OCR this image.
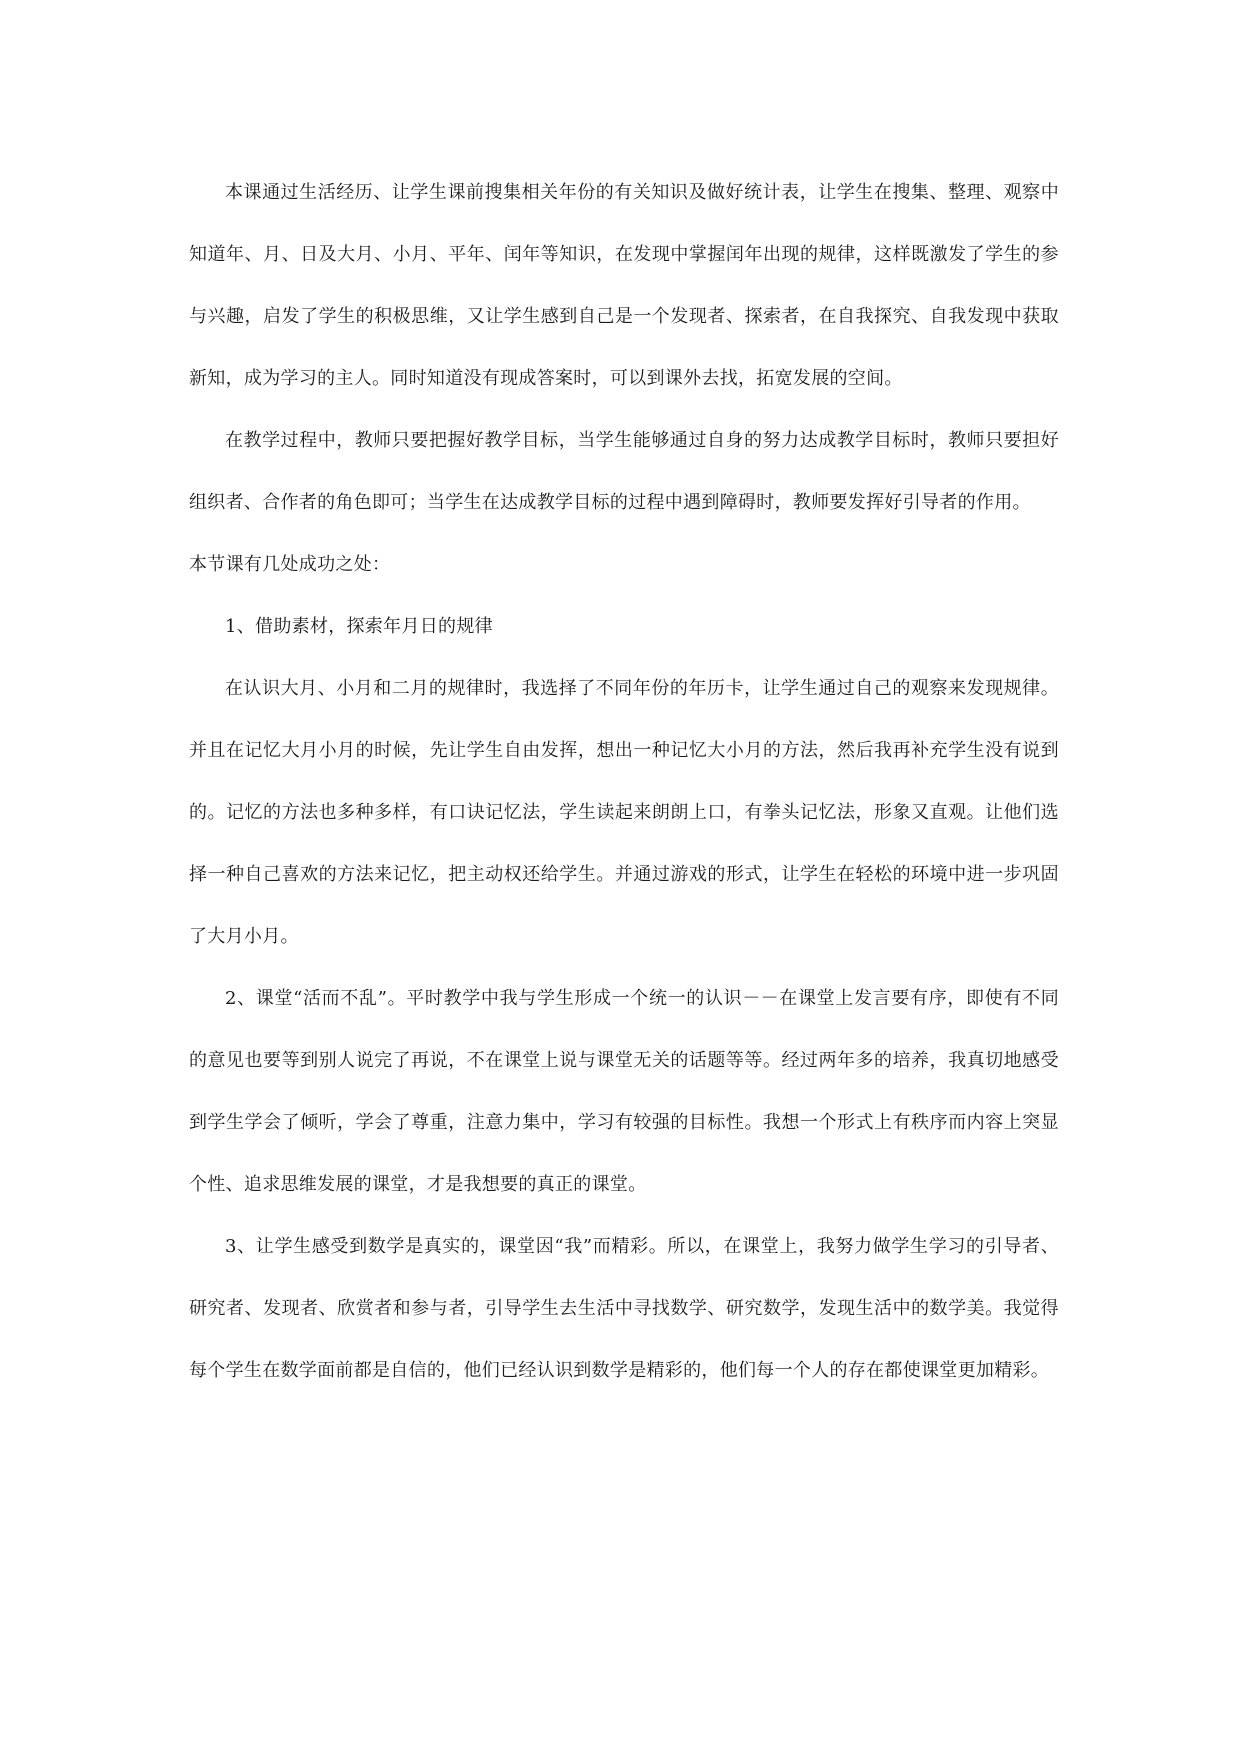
本课通过生活经历、让学生课前搜集相关年份的有关知识及做好统计表，让学生在搜集、整理、观察中知道年、月、日及大月、小月、平年、闰年等知识，在发现中掌握闰年出现的规律，这样既激发了学生的参与兴趣，启发了学生的积极思维，又让学生感到自己是一个发现者、探索者，在自我探究、自我发现中获取新知，成为学习的主人。同时知道没有现成答案时，可以到课外去找，拓宽发展的空间。

在教学过程中，教师只要把握好教学目标，当学生能够通过自身的努力达成教学目标时，教师只要担好组织者、合作者的角色即可；当学生在达成教学目标的过程中遇到障碍时，教师要发挥好引导者的作用。

本节课有几处成功之处：

1、借助素材，探索年月日的规律

在认识大月、小月和二月的规律时，我选择了不同年份的年历卡，让学生通过自己的观察来发现规律。并且在记忆大月小月的时候，先让学生自由发挥，想出一种记忆大小月的方法，然后我再补充学生没有说到的。记忆的方法也多种多样，有口诀记忆法，学生读起来朗朗上口，有拳头记忆法，形象又直观。让他们选择一种自己喜欢的方法来记忆，把主动权还给学生。并通过游戏的形式，让学生在轻松的环境中进一步巩固了大月小月。

2、课堂“活而不乱”。平时教学中我与学生形成一个统一的认识－－在课堂上发言要有序，即使有不同的意见也要等到别人说完了再说，不在课堂上说与课堂无关的话题等等。经过两年多的培养，我真切地感受到学生学会了倾听，学会了尊重，注意力集中，学习有较强的目标性。我想一个形式上有秩序而内容上突显个性、追求思维发展的课堂，才是我想要的真正的课堂。

3、让学生感受到数学是真实的，课堂因“我”而精彩。所以，在课堂上，我努力做学生学习的引导者、研究者、发现者、欣赏者和参与者，引导学生去生活中寻找数学、研究数学，发现生活中的数学美。我觉得每个学生在数学面前都是自信的，他们已经认识到数学是精彩的，他们每一个人的存在都使课堂更加精彩。
